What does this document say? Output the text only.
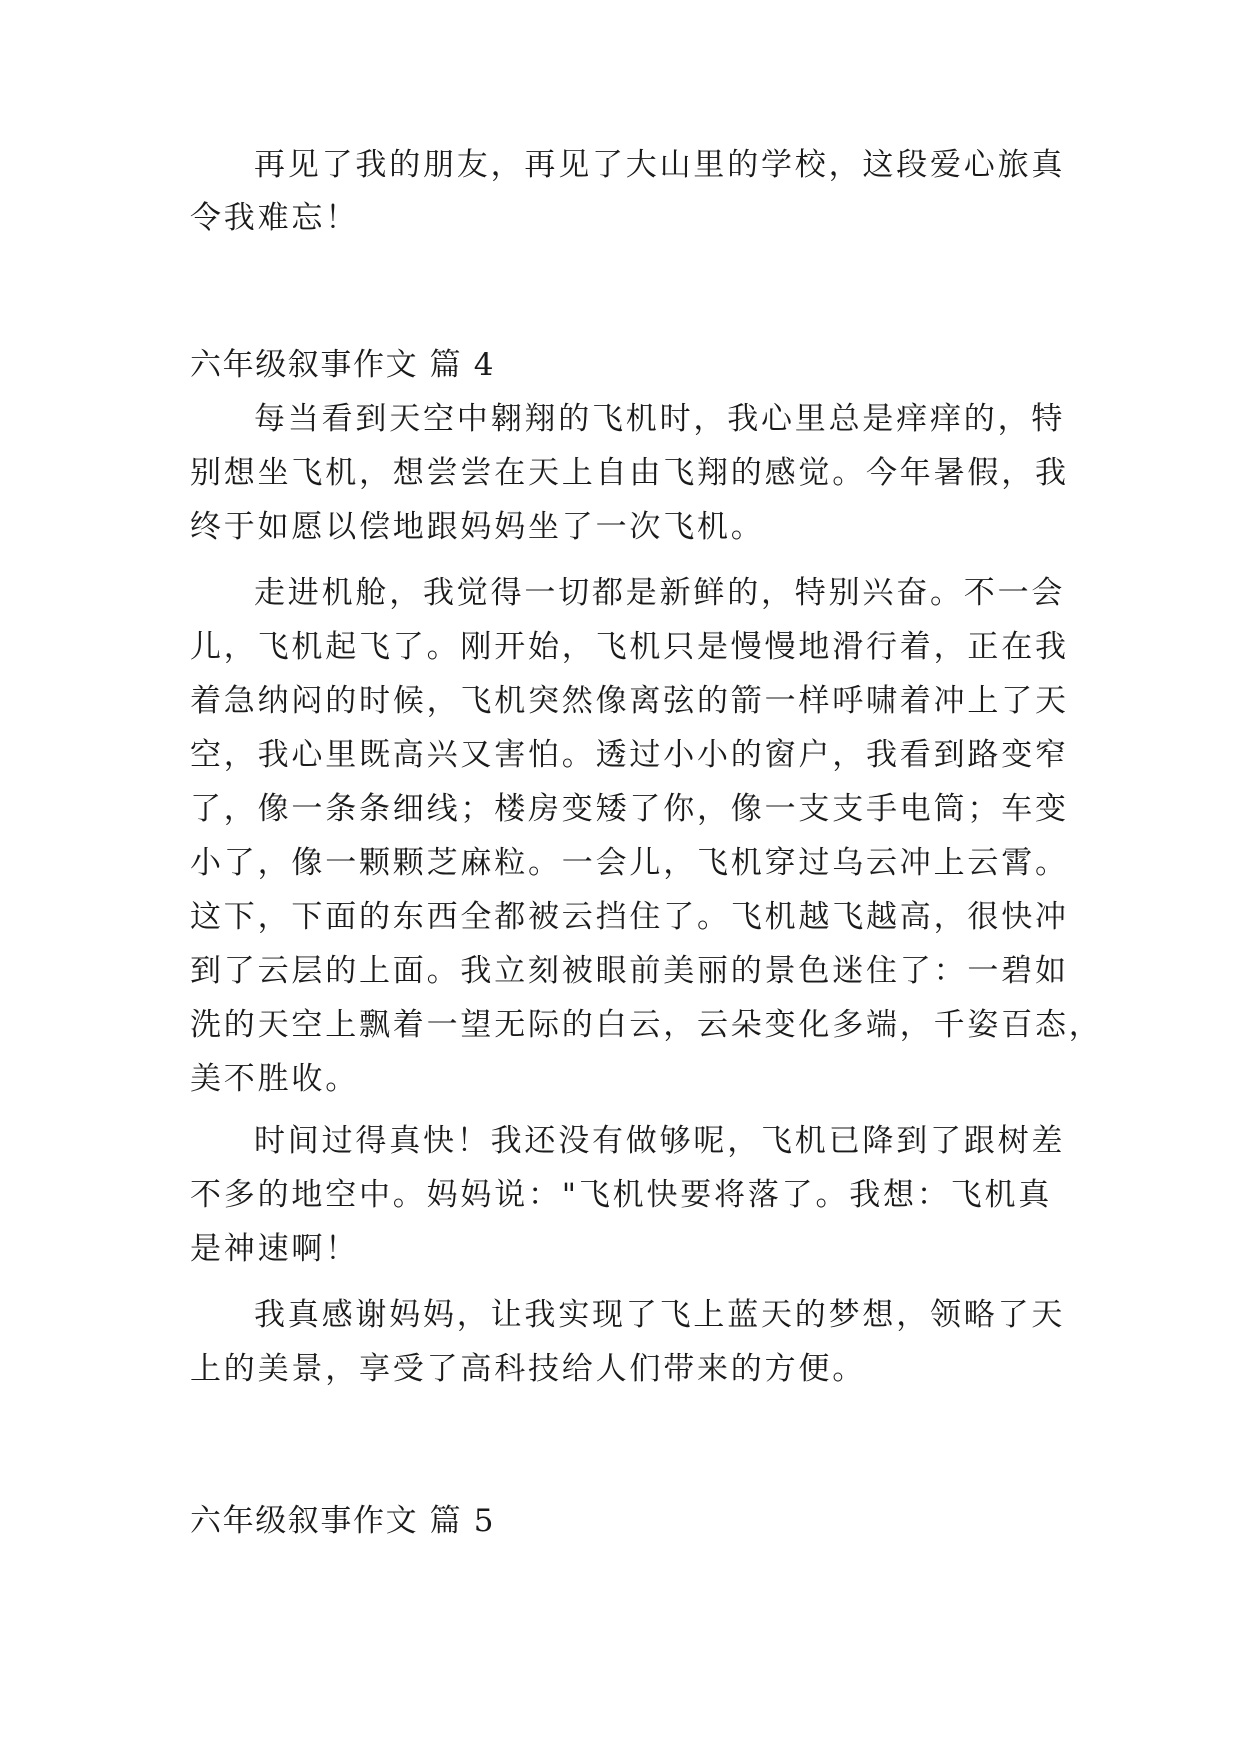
再见了我的朋友，再见了大山里的学校，这段爱心旅真
令我难忘！
六年级叙事作文 篇 4
每当看到天空中翱翔的飞机时，我心里总是痒痒的，特
别想坐飞机，想尝尝在天上自由飞翔的感觉。今年暑假，我
终于如愿以偿地跟妈妈坐了一次飞机。
走进机舱，我觉得一切都是新鲜的，特别兴奋。不一会
儿，飞机起飞了。刚开始，飞机只是慢慢地滑行着，正在我
着急纳闷的时候，飞机突然像离弦的箭一样呼啸着冲上了天
空，我心里既高兴又害怕。透过小小的窗户，我看到路变窄
了，像一条条细线；楼房变矮了你，像一支支手电筒；车变
小了，像一颗颗芝麻粒。一会儿，飞机穿过乌云冲上云霄。
这下，下面的东西全都被云挡住了。飞机越飞越高，很快冲
到了云层的上面。我立刻被眼前美丽的景色迷住了：一碧如
洗的天空上飘着一望无际的白云，云朵变化多端，千姿百态，
美不胜收。
时间过得真快！我还没有做够呢，飞机已降到了跟树差
不多的地空中。妈妈说："飞机快要将落了。我想：飞机真
是神速啊！
我真感谢妈妈，让我实现了飞上蓝天的梦想，领略了天
上的美景，享受了高科技给人们带来的方便。
六年级叙事作文 篇 5
